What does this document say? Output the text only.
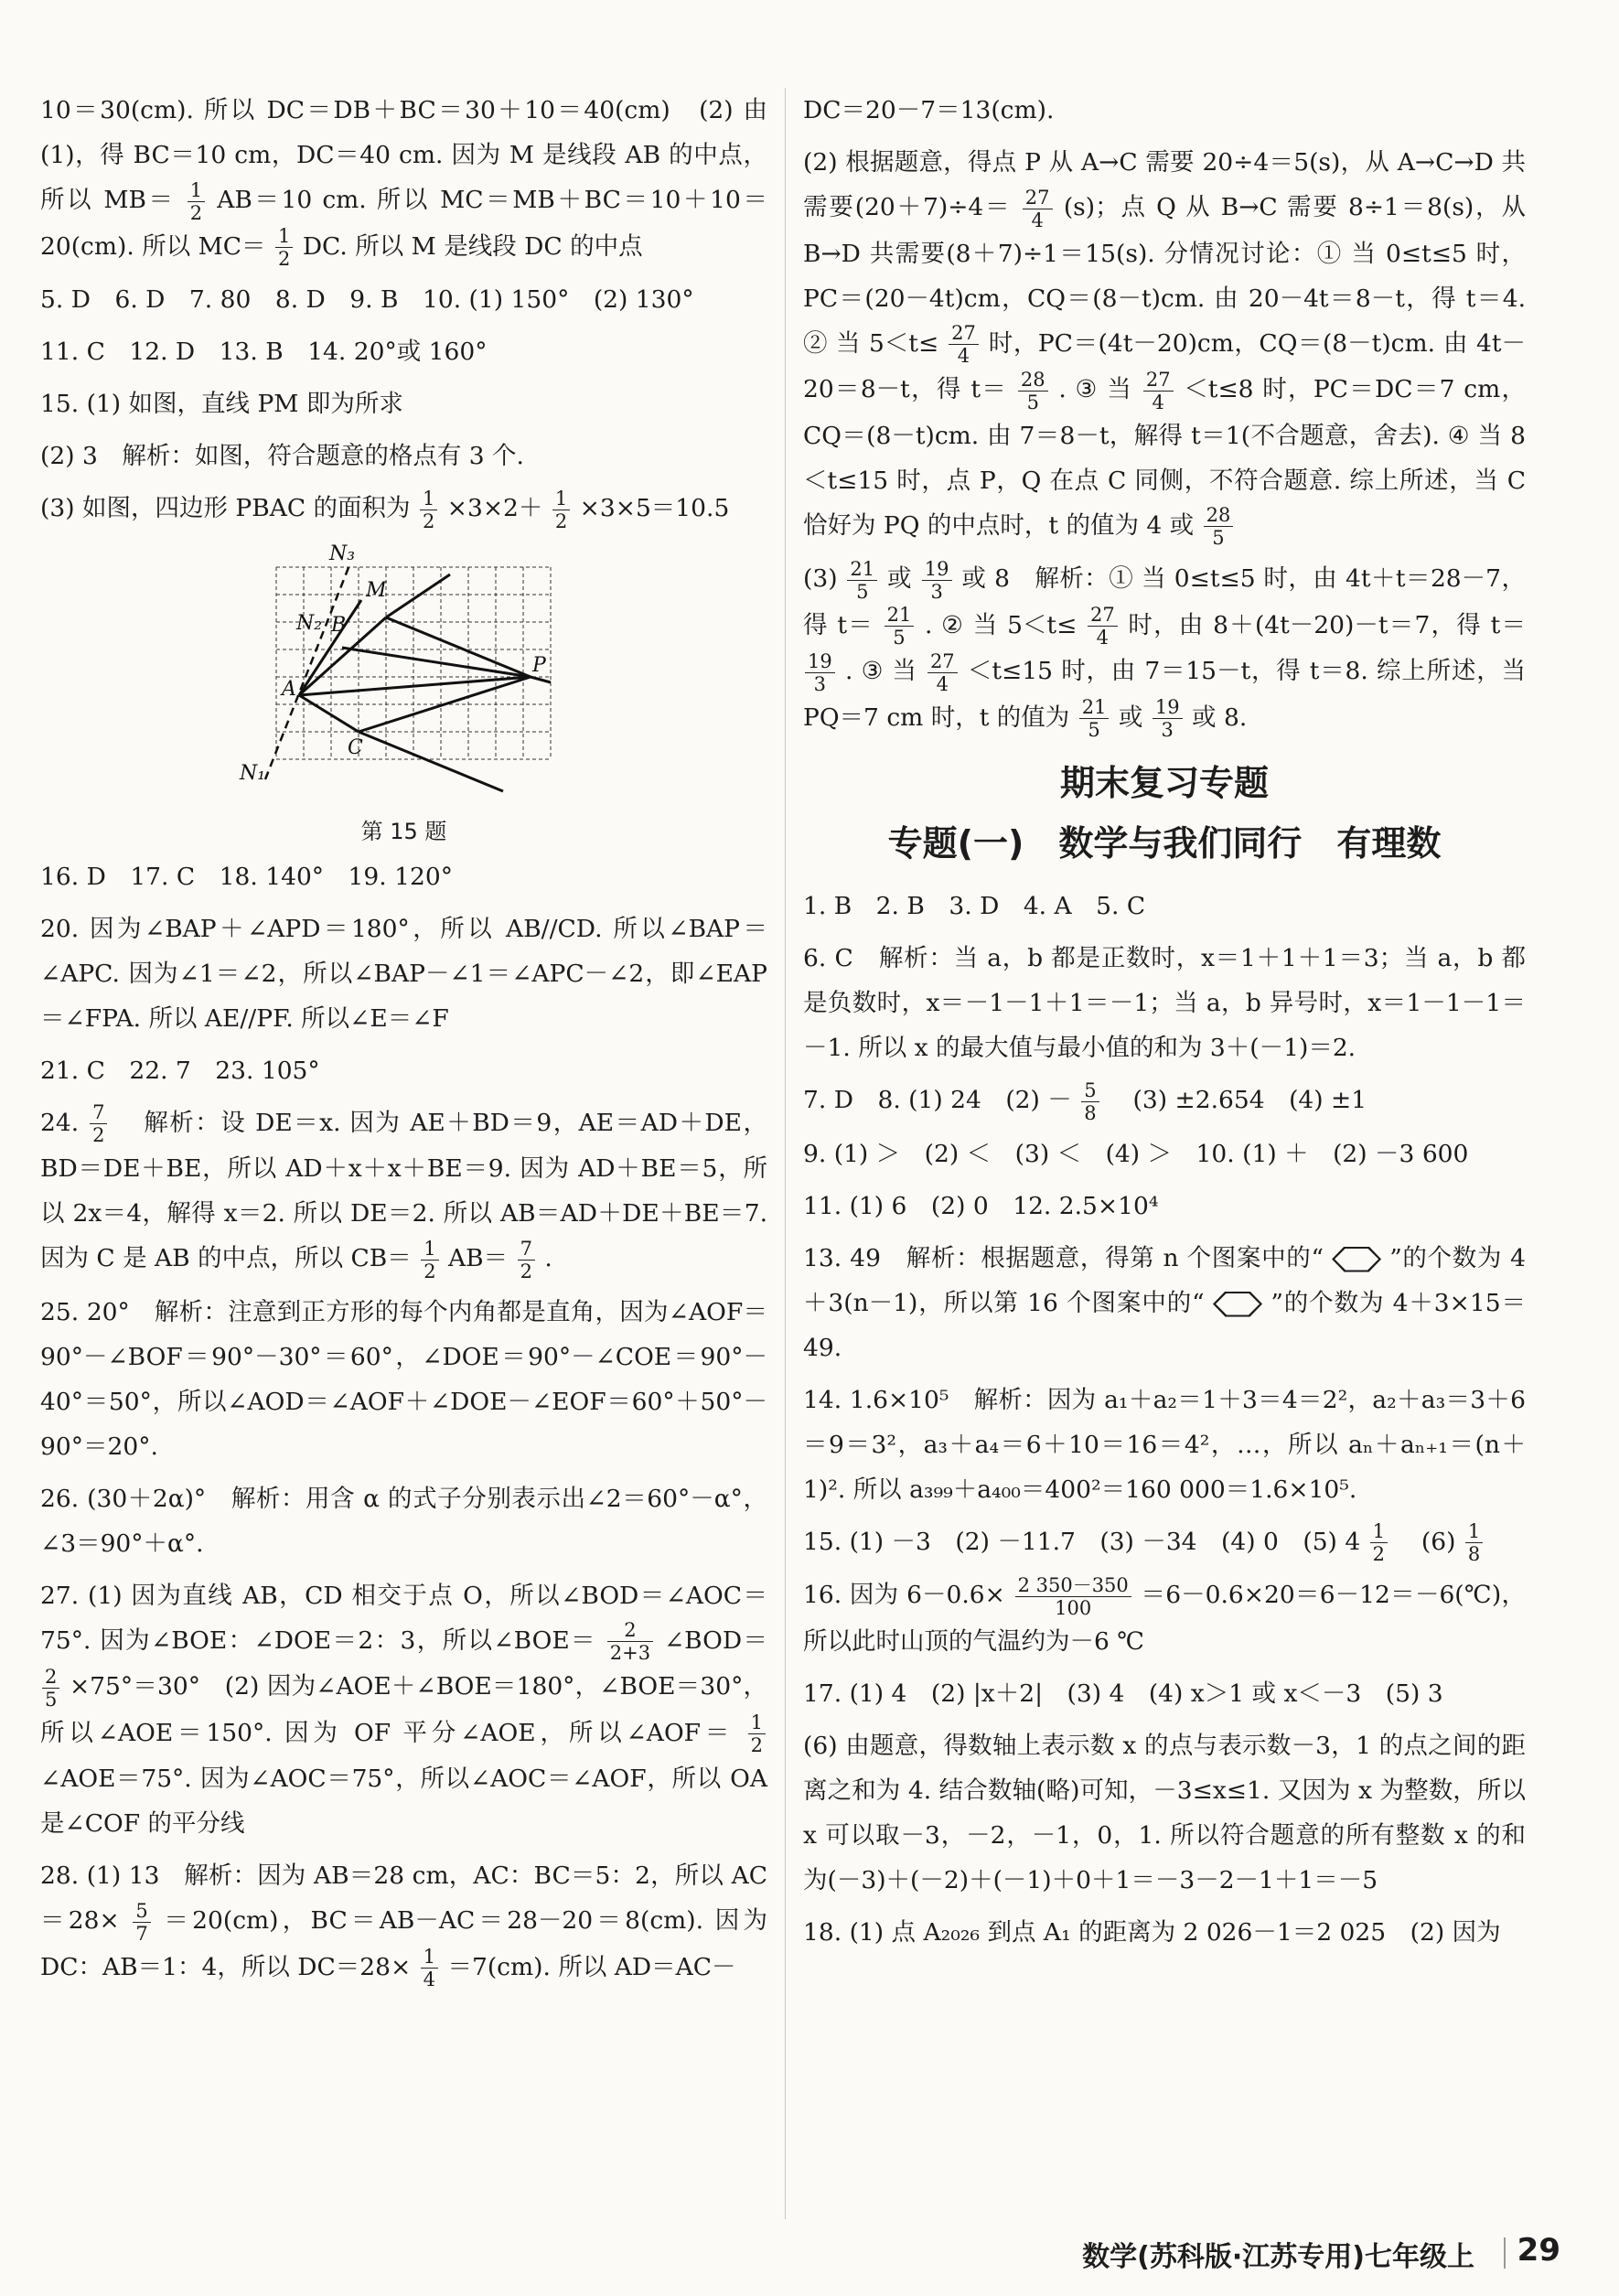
10＝30(cm). 所以 DC＝DB＋BC＝30＋10＝40(cm)　(2) 由(1)，得 BC＝10 cm，DC＝40 cm. 因为 M 是线段 AB 的中点，所以 $MB= \frac{1}{2} AB=10$ cm. 所以 MC＝MB＋BC＝10＋10＝20(cm). 所以 $MC= \frac{1}{2}$ DC. 所以 M 是线段 DC 的中点

5. D　6. D　7. 80　8. D　9. B　10. (1) 150°　(2) 130°

11. C　12. D　13. B　14. 20°或 160°

15. (1) 如图，直线 PM 即为所求

(2) 3　解析：如图，符合题意的格点有 3 个.

(3) 如图，四边形 PBAC 的面积为 $\frac{1}{2} \times 3\times 2+ \frac{1}{2} \times 3\times 5=10.5$

N₃
M
N₂ B
P
A
C
N₁
第 15 题

16. D　17. C　18. 140°　19. 120°

20. 因为∠BAP＋∠APD＝180°，所以 AB//CD. 所以∠BAP＝∠APC. 因为∠1＝∠2，所以∠BAP－∠1＝∠APC－∠2，即∠EAP＝∠FPA. 所以 AE//PF. 所以∠E＝∠F

21. C　22. 7　23. 105°

24. $\frac{7}{2}$ 　解析：设 DE＝x. 因为 AE＋BD＝9，AE＝AD＋DE，BD＝DE＋BE，所以 AD＋x＋x＋BE＝9. 因为 AD＋BE＝5，所以 2x＝4，解得 x＝2. 所以 DE＝2. 所以 AB＝AD＋DE＋BE＝7. 因为 C 是 AB 的中点，所以 $CB= \frac{1}{2} AB= \frac{7}{2}$ .

25. 20°　解析：注意到正方形的每个内角都是直角，因为∠AOF＝90°－∠BOF＝90°－30°＝60°，∠DOE＝90°－∠COE＝90°－40°＝50°，所以∠AOD＝∠AOF＋∠DOE－∠EOF＝60°＋50°－90°＝20°.

26. (30＋2α)°　解析：用含 α 的式子分别表示出∠2＝60°－α°，∠3＝90°＋α°.

27. (1) 因为直线 AB，CD 相交于点 O，所以∠BOD＝∠AOC＝75°. 因为∠BOE：∠DOE＝2：3，所以∠BOE＝ $\frac{2}{2+3}$ ∠BOD＝
$\frac{2}{5} \times 75^\circ=30^\circ$　(2) 因为∠AOE＋∠BOE＝180°，∠BOE＝30°，所以∠AOE＝150°. 因为 OF 平分∠AOE，所以∠AOF＝ $\frac{1}{2}$
∠AOE＝75°. 因为∠AOC＝75°，所以∠AOC＝∠AOF，所以 OA 是∠COF 的平分线

28. (1) 13　解析：因为 AB＝28 cm，AC：BC＝5：2，所以 $AC=28\times \frac{5}{7} =20(cm)$，BC＝AB－AC＝28－20＝8(cm). 因为 DC：AB＝1：4，所以 $DC=28\times \frac{1}{4} =7(cm)$. 所以 AD＝AC－

DC＝20－7＝13(cm).

(2) 根据题意，得点 P 从 A→C 需要 20÷4＝5(s)，从 A→C→D 共需要$(20+7)\div 4= \frac{27}{4} (s)$；点 Q 从 B→C 需要 8÷1＝8(s)，从 B→D 共需要(8＋7)÷1＝15(s). 分情况讨论：① 当 0≤t≤5 时，PC＝(20－4t)cm，CQ＝(8－t)cm. 由 20－4t＝8－t，得 t＝4. ② 当 $5<t\le \frac{27}{4}$ 时，PC＝(4t－20)cm，CQ＝(8－t)cm. 由 4t－20＝8－t，得 $t= \frac{28}{5}$ . ③ 当 $\frac{27}{4} <t\le 8$ 时，PC＝DC＝7 cm，CQ＝(8－t)cm. 由 7＝8－t，解得 t＝1(不合题意，舍去). ④ 当 8＜t≤15 时，点 P，Q 在点 C 同侧，不符合题意. 综上所述，当 C 恰好为 PQ 的中点时，t 的值为 4 或 $\frac{28}{5}$

$(3) \frac{21}{5}$ 或 $\frac{19}{3}$ 或 8　解析：① 当 0≤t≤5 时，由 4t＋t＝28－7，得 $t= \frac{21}{5}$ . ② 当 $5<t\le \frac{27}{4}$ 时，由 8＋(4t－20)－t＝7，得 t＝
$\frac{19}{3}$ . ③ 当 $\frac{27}{4} <t\le 15$ 时，由 7＝15－t，得 t＝8. 综上所述，当 PQ＝7 cm 时，t 的值为 $\frac{21}{5}$ 或 $\frac{19}{3}$ 或 8.

期末复习专题
专题(一)　数学与我们同行　有理数

1. B　2. B　3. D　4. A　5. C

6. C　解析：当 a，b 都是正数时，x＝1＋1＋1＝3；当 a，b 都是负数时，x＝－1－1＋1＝－1；当 a，b 异号时，x＝1－1－1＝－1. 所以 x 的最大值与最小值的和为 3＋(－1)＝2.

7. D　8. (1) 24　$(2) - \frac{5}{8}$ 　(3) ±2.654　(4) ±1

9. (1) ＞　(2) ＜　(3) ＜　(4) ＞　10. (1) ＋　(2) －3 600

11. (1) 6　(2) 0　12. 2.5×10⁴

13. 49　解析：根据题意，得第 n 个图案中的“	”的个数为 4＋3(n－1)，所以第 16 个图案中的“	”的个数为 4＋3×15＝49.

14. 1.6×10⁵　解析：因为 a₁＋a₂＝1＋3＝4＝2²，a₂＋a₃＝3＋6＝9＝3²，a₃＋a₄＝6＋10＝16＝4²，…，所以 aₙ＋aₙ₊₁＝(n＋1)². 所以 a₃₉₉＋a₄₀₀＝400²＝160 000＝1.6×10⁵.

15. (1) －3　(2) －11.7　(3) －34　(4) 0　(5) $4 \frac{1}{2}$ 　$(6) \frac{1}{8}$

16. 因为 $6-0.6\times \frac{2 350-350}{100}$ ＝6－0.6×20＝6－12＝－6(℃)，所以此时山顶的气温约为－6 ℃

17. (1) 4　(2) |x＋2|　(3) 4　(4) x＞1 或 x＜－3　(5) 3

(6) 由题意，得数轴上表示数 x 的点与表示数－3，1 的点之间的距离之和为 4. 结合数轴(略)可知，－3≤x≤1. 又因为 x 为整数，所以 x 可以取－3，－2，－1，0，1. 所以符合题意的所有整数 x 的和为(－3)＋(－2)＋(－1)＋0＋1＝－3－2－1＋1＝－5

18. (1) 点 A₂₀₂₆ 到点 A₁ 的距离为 2 026－1＝2 025　(2) 因为

数学(苏科版·江苏专用)七年级上 29
